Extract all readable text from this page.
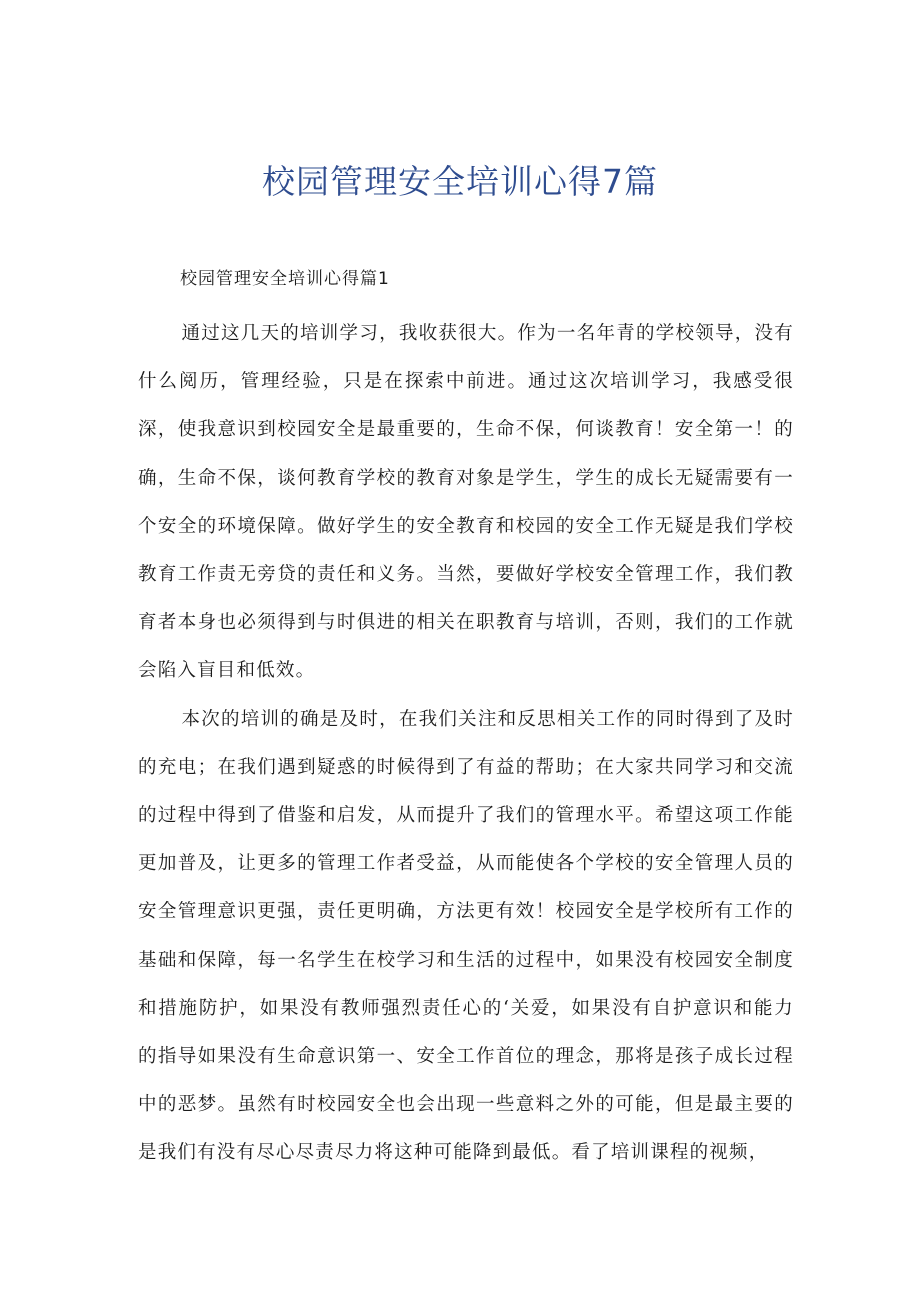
校园管理安全培训心得7篇

校园管理安全培训心得篇1

通过这几天的培训学习，我收获很大。作为一名年青的学校领导，没有什么阅历，管理经验，只是在探索中前进。通过这次培训学习，我感受很深，使我意识到校园安全是最重要的，生命不保，何谈教育！安全第一！的确，生命不保，谈何教育学校的教育对象是学生，学生的成长无疑需要有一个安全的环境保障。做好学生的安全教育和校园的安全工作无疑是我们学校教育工作责无旁贷的责任和义务。当然，要做好学校安全管理工作，我们教育者本身也必须得到与时俱进的相关在职教育与培训，否则，我们的工作就会陷入盲目和低效。

本次的培训的确是及时，在我们关注和反思相关工作的同时得到了及时的充电；在我们遇到疑惑的时候得到了有益的帮助；在大家共同学习和交流的过程中得到了借鉴和启发，从而提升了我们的管理水平。希望这项工作能更加普及，让更多的管理工作者受益，从而能使各个学校的安全管理人员的安全管理意识更强，责任更明确，方法更有效！校园安全是学校所有工作的基础和保障，每一名学生在校学习和生活的过程中，如果没有校园安全制度和措施防护，如果没有教师强烈责任心的‘关爱，如果没有自护意识和能力的指导如果没有生命意识第一、安全工作首位的理念，那将是孩子成长过程中的恶梦。虽然有时校园安全也会出现一些意料之外的可能，但是最主要的是我们有没有尽心尽责尽力将这种可能降到最低。看了培训课程的视频，
